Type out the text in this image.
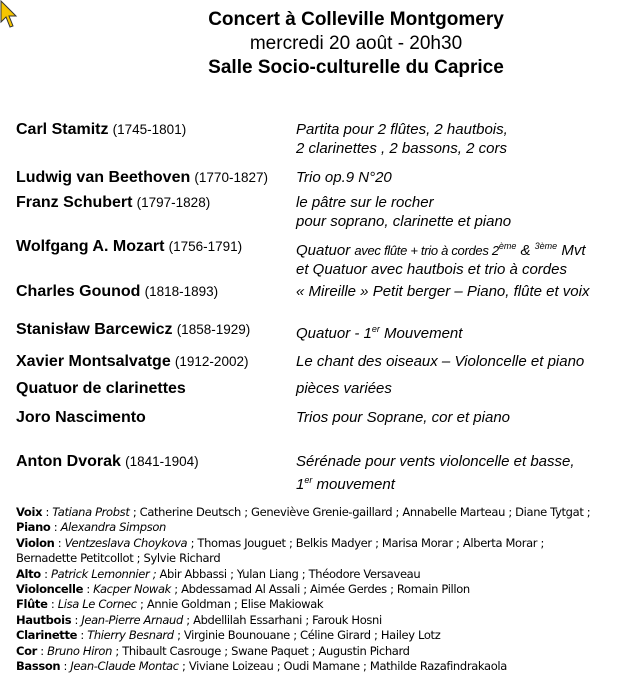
Concert à Colleville Montgomery
mercredi 20 août - 20h30
Salle Socio-culturelle du Caprice
Carl Stamitz (1745-1801)	Partita pour 2 flûtes, 2 hautbois,
2 clarinettes , 2 bassons, 2 cors
Ludwig van Beethoven (1770-1827) Trio op.9 N°20
Franz Schubert (1797-1828)	le pâtre sur le rocher
pour soprano, clarinette et piano
Wolfgang A. Mozart (1756-1791)	Quatuor avec flûte + trio à cordes 2ème & $^{3ème}$ Mvt
et Quatuor avec hautbois et trio à cordes
Charles Gounod (1818-1893)	« Mireille » Petit berger – Piano, flûte et voix
Stanisław Barcewicz (1858-1929)	Quatuor - 1er Mouvement
Xavier Montsalvatge (1912-2002)	Le chant des oiseaux – Violoncelle et piano
Quatuor de clarinettes	pièces variées
Joro Nascimento	Trios pour Soprane, cor et piano
Anton Dvorak (1841-1904)	Sérénade pour vents violoncelle et basse,
1er mouvement
Voix : Tatiana Probst ; Catherine Deutsch ; Geneviève Grenie-gaillard ; Annabelle Marteau ; Diane Tytgat ;
Piano : Alexandra Simpson
Violon : Ventzeslava Choykova ; Thomas Jouguet ; Belkis Madyer ; Marisa Morar ; Alberta Morar ;
Bernadette Petitcollot ; Sylvie Richard
Alto : Patrick Lemonnier ; Abir Abbassi ; Yulan Liang ; Théodore Versaveau
Violoncelle : Kacper Nowak ; Abdessamad Al Assali ; Aimée Gerdes ; Romain Pillon
Flûte : Lisa Le Cornec ; Annie Goldman ; Elise Makiowak
Hautbois : Jean-Pierre Arnaud ; Abdellilah Essarhani ; Farouk Hosni
Clarinette : Thierry Besnard ; Virginie Bounouane ; Céline Girard ; Hailey Lotz
Cor : Bruno Hiron ; Thibault Casrouge ; Swane Paquet ; Augustin Pichard
Basson : Jean-Claude Montac ; Viviane Loizeau ; Oudi Mamane ; Mathilde Razafindrakaola
